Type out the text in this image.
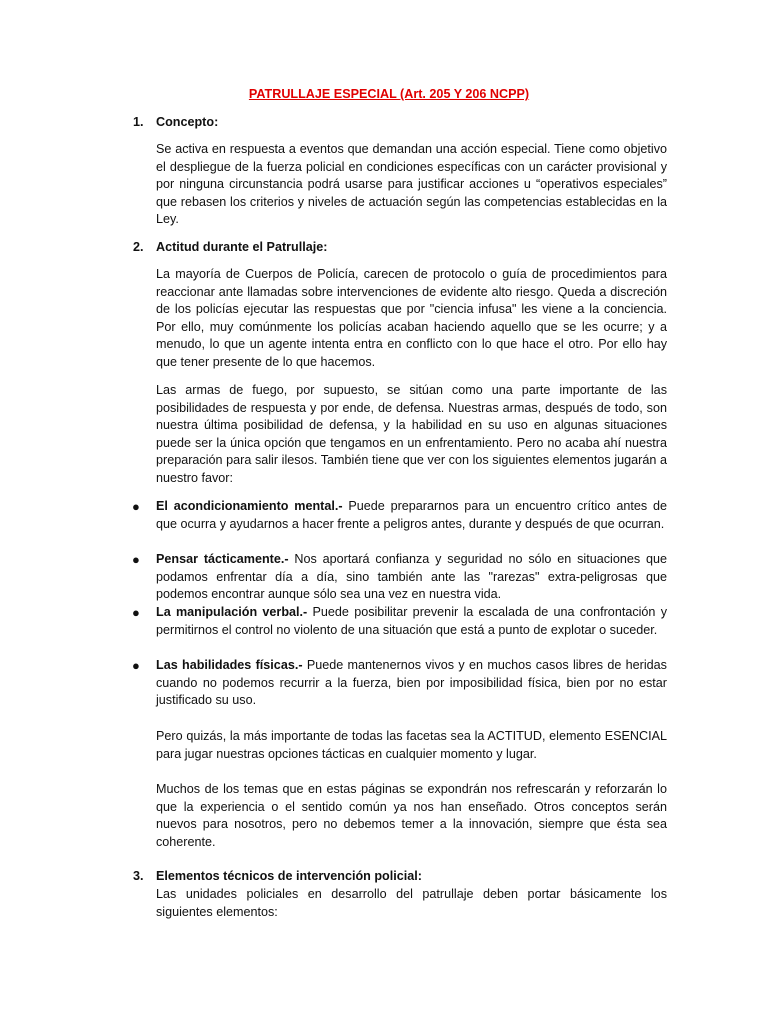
PATRULLAJE ESPECIAL (Art. 205 Y 206 NCPP)
1. Concepto:
Se activa en respuesta a eventos que demandan una acción especial. Tiene como objetivo el despliegue de la fuerza policial en condiciones específicas con un carácter provisional y por ninguna circunstancia podrá usarse para justificar acciones u “operativos especiales” que rebasen los criterios y niveles de actuación según las competencias establecidas en la Ley.
2. Actitud durante el Patrullaje:
La mayoría de Cuerpos de Policía, carecen de protocolo o guía de procedimientos para reaccionar ante llamadas sobre intervenciones de evidente alto riesgo. Queda a discreción de los policías ejecutar las respuestas que por "ciencia infusa" les viene a la conciencia. Por ello, muy comúnmente los policías acaban haciendo aquello que se les ocurre; y a menudo, lo que un agente intenta entra en conflicto con lo que hace el otro. Por ello hay que tener presente de lo que hacemos.
Las armas de fuego, por supuesto, se sitúan como una parte importante de las posibilidades de respuesta y por ende, de defensa. Nuestras armas, después de todo, son nuestra última posibilidad de defensa, y la habilidad en su uso en algunas situaciones puede ser la única opción que tengamos en un enfrentamiento. Pero no acaba ahí nuestra preparación para salir ilesos. También tiene que ver con los siguientes elementos jugarán a nuestro favor:
● El acondicionamiento mental.- Puede prepararnos para un encuentro crítico antes de que ocurra y ayudarnos a hacer frente a peligros antes, durante y después de que ocurran.
● Pensar tácticamente.- Nos aportará confianza y seguridad no sólo en situaciones que podamos enfrentar día a día, sino también ante las "rarezas" extra-peligrosas que podemos encontrar aunque sólo sea una vez en nuestra vida.
● La manipulación verbal.- Puede posibilitar prevenir la escalada de una confrontación y permitirnos el control no violento de una situación que está a punto de explotar o suceder.
● Las habilidades físicas.- Puede mantenernos vivos y en muchos casos libres de heridas cuando no podemos recurrir a la fuerza, bien por imposibilidad física, bien por no estar justificado su uso.
Pero quizás, la más importante de todas las facetas sea la ACTITUD, elemento ESENCIAL para jugar nuestras opciones tácticas en cualquier momento y lugar.
Muchos de los temas que en estas páginas se expondrán nos refrescarán y reforzarán lo que la experiencia o el sentido común ya nos han enseñado. Otros conceptos serán nuevos para nosotros, pero no debemos temer a la innovación, siempre que ésta sea coherente.
3. Elementos técnicos de intervención policial:
Las unidades policiales en desarrollo del patrullaje deben portar básicamente los siguientes elementos:
